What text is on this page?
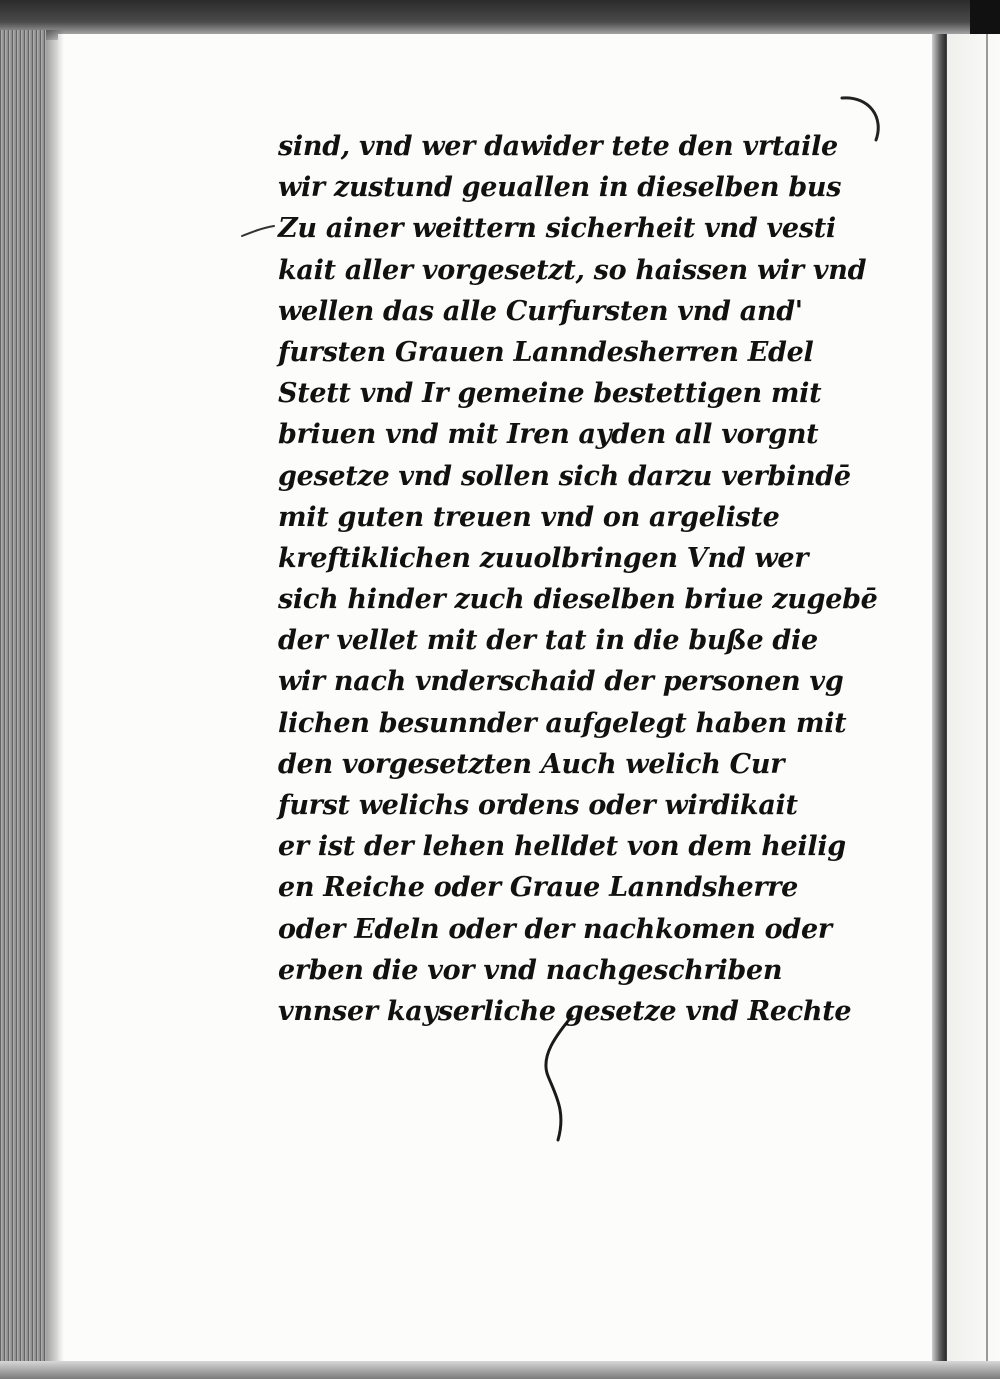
sind, vnd wer dawider tete den vrtaile
wir zustund geuallen in dieselben bus
Zu ainer weittern sicherheit vnd vesti
kait aller vorgesetzt, so haissen wir vnd
wellen das alle Curfursten vnd and'
fursten Grauen Lanndesherren Edel
Stett vnd Ir gemeine bestettigen mit
briuen vnd mit Iren ayden all vorgnt
gesetze vnd sollen sich darzu verbindē
mit guten treuen vnd on argeliste
kreftiklichen zuuolbringen Vnd wer
sich hinder zuch dieselben briue zugebē
der vellet mit der tat in die buße die
wir nach vnderschaid der personen vg
lichen besunnder aufgelegt haben mit
den vorgesetzten Auch welich Cur
furst welichs ordens oder wirdikait
er ist der lehen helldet von dem heilig
en Reiche oder Graue Lanndsherre
oder Edeln oder der nachkomen oder
erben die vor vnd nachgeschriben
vnnser kayserliche gesetze vnd Rechte
